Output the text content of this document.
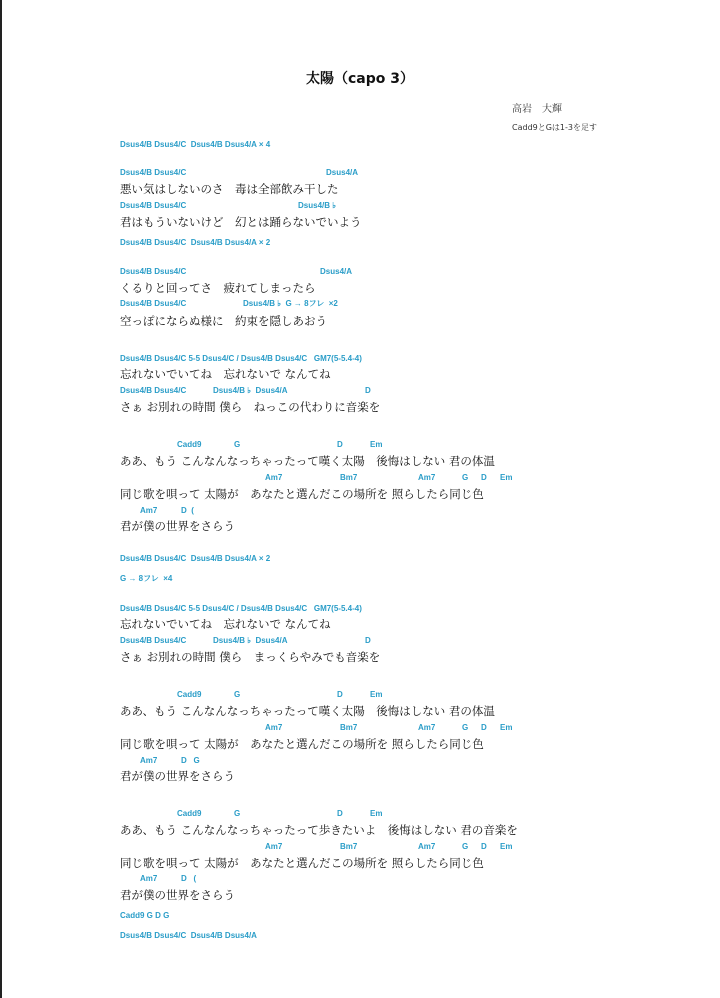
太陽（capo 3）
高岩　大輝
Cadd9とGは1-3を足す
Dsus4/B Dsus4/C  Dsus4/B Dsus4/A × 4
Dsus4/B Dsus4/C	Dsus4/A
Dsus4/B Dsus4/C	Dsus4/B ♭
Dsus4/B Dsus4/C  Dsus4/B Dsus4/A × 2
Dsus4/B Dsus4/C	Dsus4/A
Dsus4/B Dsus4/C	Dsus4/B ♭  G → 8フレ  ×2
Dsus4/B Dsus4/C 5-5 Dsus4/C / Dsus4/B Dsus4/C   GM7(5-5.4-4)
Dsus4/B Dsus4/C	Dsus4/B ♭  Dsus4/A	D
Cadd9	G	D	Em
Am7	Bm7	Am7	G D Em
Am7	D  (
Dsus4/B Dsus4/C  Dsus4/B Dsus4/A × 2
G → 8フレ  ×4
Dsus4/B Dsus4/C 5-5 Dsus4/C / Dsus4/B Dsus4/C   GM7(5-5.4-4)
Dsus4/B Dsus4/C	Dsus4/B ♭  Dsus4/A	D
Cadd9	G	D	Em
Am7	Bm7	Am7	G D Em
Am7	D   G
Cadd9	G	D	Em
Am7	Bm7	Am7	G D Em
Am7	D   (
Cadd9 G D G
Dsus4/B Dsus4/C  Dsus4/B Dsus4/A
悪い気はしないのさ　毒は全部飲み干した
君はもういないけど　幻とは踊らないでいよう
くるりと回ってさ　疲れてしまったら
空っぽにならぬ様に　約束を隠しあおう
忘れないでいてね　忘れないで なんてね
さぁ お別れの時間 僕ら　ねっこの代わりに音楽を
ああ、もう こんなんなっちゃったって嘆く太陽　後悔はしない 君の体温
同じ歌を唄って 太陽が　あなたと選んだこの場所を 照らしたら同じ色
君が僕の世界をさらう
忘れないでいてね　忘れないで なんてね
さぁ お別れの時間 僕ら　まっくらやみでも音楽を
ああ、もう こんなんなっちゃったって嘆く太陽　後悔はしない 君の体温
同じ歌を唄って 太陽が　あなたと選んだこの場所を 照らしたら同じ色
君が僕の世界をさらう
ああ、もう こんなんなっちゃったって歩きたいよ　後悔はしない 君の音楽を
同じ歌を唄って 太陽が　あなたと選んだこの場所を 照らしたら同じ色
君が僕の世界をさらう
